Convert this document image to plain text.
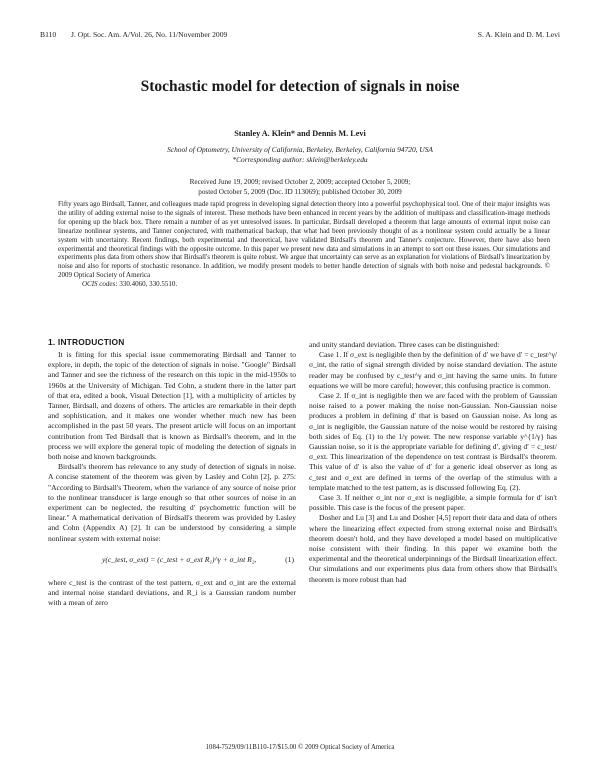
B110 J. Opt. Soc. Am. A/Vol. 26, No. 11/November 2009	S. A. Klein and D. M. Levi
Stochastic model for detection of signals in noise
Stanley A. Klein* and Dennis M. Levi
School of Optometry, University of California, Berkeley, Berkeley, California 94720, USA
*Corresponding author: sklein@berkeley.edu
Received June 19, 2009; revised October 2, 2009; accepted October 5, 2009;
posted October 5, 2009 (Doc. ID 113069); published October 30, 2009
Fifty years ago Birdsall, Tanner, and colleagues made rapid progress in developing signal detection theory into a powerful psychophysical tool. One of their major insights was the utility of adding external noise to the signals of interest. These methods have been enhanced in recent years by the addition of multipass and classification-image methods for opening up the black box. There remain a number of as yet unresolved issues. In particular, Birdsall developed a theorem that large amounts of external input noise can linearize nonlinear systems, and Tanner conjectured, with mathematical backup, that what had been previously thought of as a nonlinear system could actually be a linear system with uncertainty. Recent findings, both experimental and theoretical, have validated Birdsall's theorem and Tanner's conjecture. However, there have also been experimental and theoretical findings with the opposite outcome. In this paper we present new data and simulations in an attempt to sort out these issues. Our simulations and experiments plus data from others show that Birdsall's theorem is quite robust. We argue that uncertainty can serve as an explanation for violations of Birdsall's linearization by noise and also for reports of stochastic resonance. In addition, we modify present models to better handle detection of signals with both noise and pedestal backgrounds. © 2009 Optical Society of America
OCIS codes: 330.4060, 330.5510.
1. INTRODUCTION

It is fitting for this special issue commemorating Birdsall and Tanner to explore, in depth, the topic of the detection of signals in noise. "Google" Birdsall and Tanner and see the richness of the research on this topic in the mid-1950s to 1960s at the University of Michigan. Ted Cohn, a student there in the latter part of that era, edited a book, Visual Detection [1], with a multiplicity of articles by Tanner, Birdsall, and dozens of others. The articles are remarkable in their depth and sophistication, and it makes one wonder whether much new has been accomplished in the past 50 years. The present article will focus on an important contribution from Ted Birdsall that is known as Birdsall's theorem, and in the process we will explore the general topic of modeling the detection of signals in both noise and known backgrounds.

Birdsall's theorem has relevance to any study of detection of signals in noise. A concise statement of the theorem was given by Lasley and Cohn [2], p. 275: "According to Birdsall's Theorem, when the variance of any source of noise prior to the nonlinear transducer is large enough so that other sources of noise in an experiment can be neglected, the resulting d′ psychometric function will be linear." A mathematical derivation of Birdsall's theorem was provided by Lasley and Cohn (Appendix A) [2]. It can be understood by considering a simple nonlinear system with external noise:

y(c_test, σ_ext) = (c_test + σ_ext R₁)^γ + σ_int R₂,	(1)

where c_test is the contrast of the test pattern, σ_ext and σ_int are the external and internal noise standard deviations, and R_i is a Gaussian random number with a mean of zero

and unity standard deviation. Three cases can be distinguished:

Case 1. If σ_ext is negligible then by the definition of d′ we have d′ = c_test^γ/σ_int, the ratio of signal strength divided by noise standard deviation. The astute reader may be confused by c_test^γ and σ_int having the same units. In future equations we will be more careful; however, this confusing practice is common.

Case 2. If σ_int is negligible then we are faced with the problem of Gaussian noise raised to a power making the noise non-Gaussian. Non-Gaussian noise produces a problem in defining d′ that is based on Gaussian noise. As long as σ_int is negligible, the Gaussian nature of the noise would be restored by raising both sides of Eq. (1) to the 1/γ power. The new response variable y^{1/γ} has Gaussian noise, so it is the appropriate variable for defining d′, giving d′ = c_test/σ_ext. This linearization of the dependence on test contrast is Birdsall's theorem. This value of d′ is also the value of d′ for a generic ideal observer as long as c_test and σ_ext are defined in terms of the overlap of the stimulus with a template matched to the test pattern, as is discussed following Eq. (2).

Case 3. If neither σ_int nor σ_ext is negligible, a simple formula for d′ isn't possible. This case is the focus of the present paper.

Dosher and Lu [3] and Lu and Dosher [4,5] report their data and data of others where the linearizing effect expected from strong external noise and Birdsall's theorem doesn't hold, and they have developed a model based on multiplicative noise consistent with their finding. In this paper we examine both the experimental and the theoretical underpinnings of the Birdsall linearization effect. Our simulations and our experiments plus data from others show that Birdsall's theorem is more robust than had

1084-7529/09/11B110-17/$15.00 © 2009 Optical Society of America
